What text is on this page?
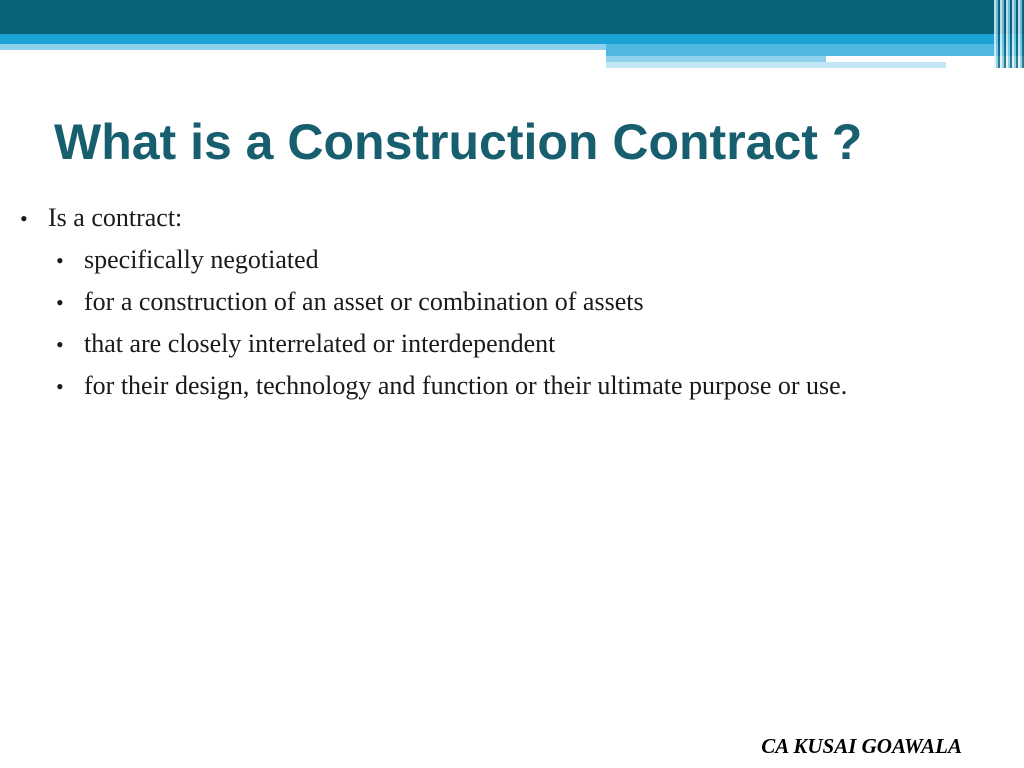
What is a Construction Contract ?
• Is a contract:
• specifically negotiated
• for a construction of an asset or combination of assets
• that are closely interrelated or interdependent
• for their design, technology and function or their ultimate purpose or use.
CA KUSAI GOAWALA
